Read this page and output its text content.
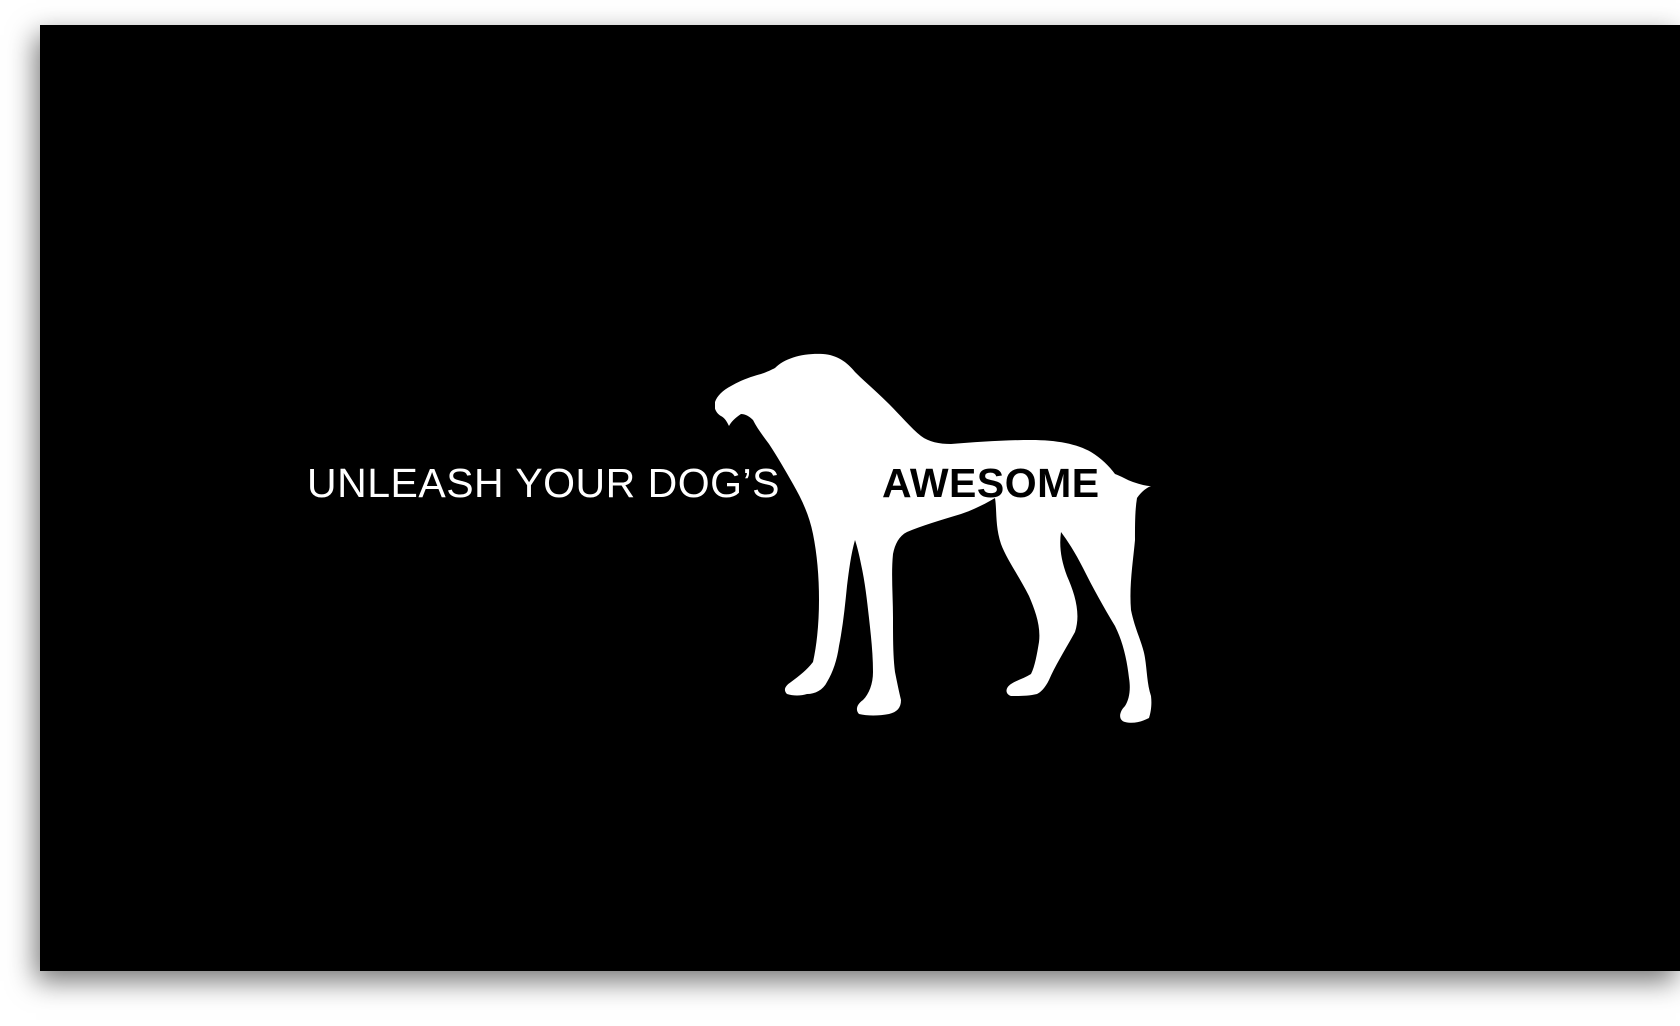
UNLEASH YOUR DOG’S AWESOME
